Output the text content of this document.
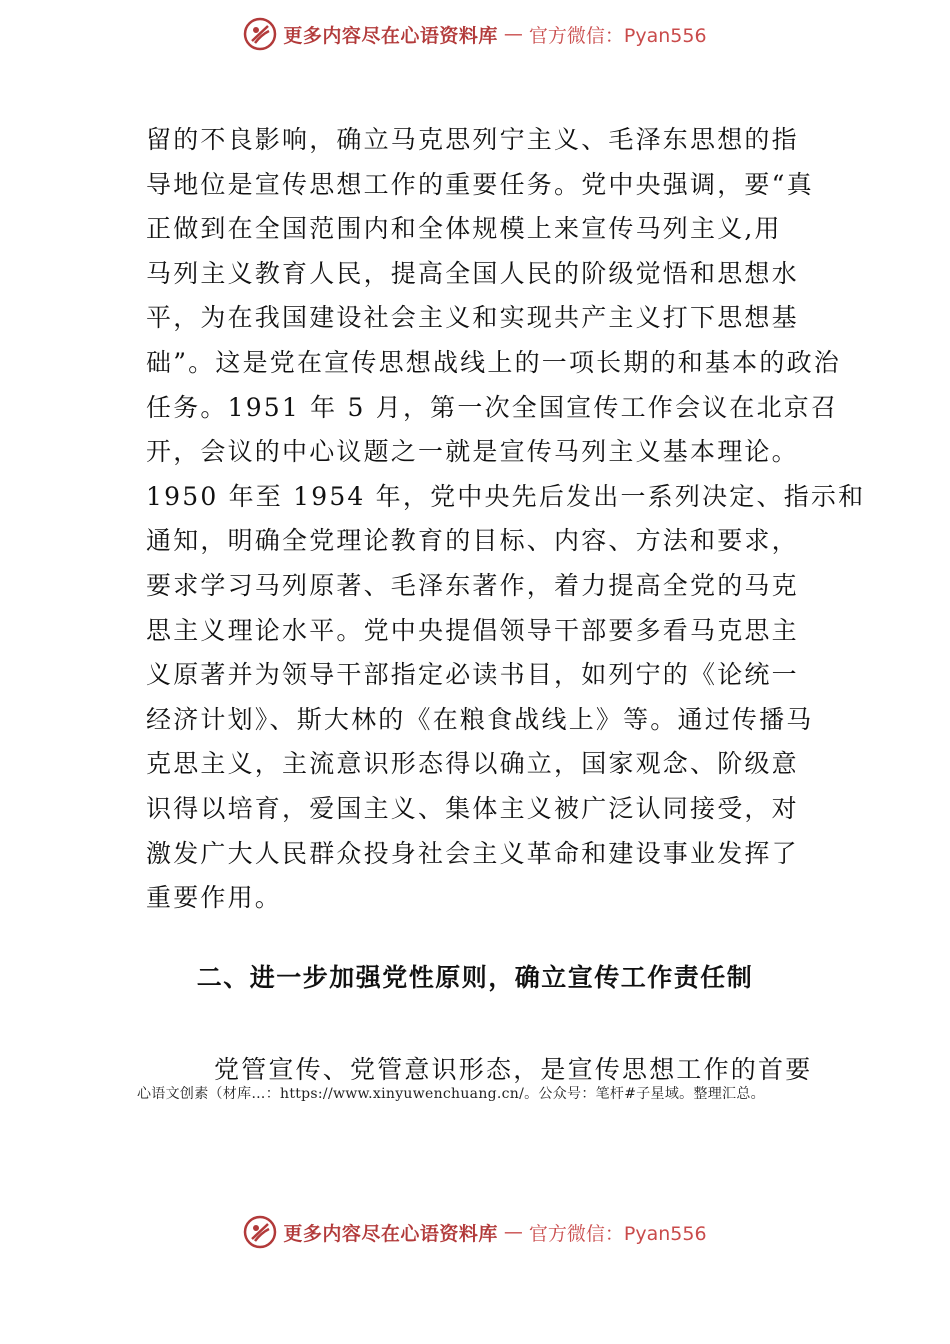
更多内容尽在心语资料库 — 官方微信：Pyan556
留的不良影响，确立马克思列宁主义、毛泽东思想的指
导地位是宣传思想工作的重要任务。党中央强调，要“真
正做到在全国范围内和全体规模上来宣传马列主义,用
马列主义教育人民，提高全国人民的阶级觉悟和思想水
平，为在我国建设社会主义和实现共产主义打下思想基
础”。这是党在宣传思想战线上的一项长期的和基本的政治
任务。1951 年 5 月，第一次全国宣传工作会议在北京召
开，会议的中心议题之一就是宣传马列主义基本理论。
1950 年至 1954 年，党中央先后发出一系列决定、指示和
通知，明确全党理论教育的目标、内容、方法和要求，
要求学习马列原著、毛泽东著作，着力提高全党的马克
思主义理论水平。党中央提倡领导干部要多看马克思主
义原著并为领导干部指定必读书目，如列宁的《论统一
经济计划》、斯大林的《在粮食战线上》等。通过传播马
克思主义，主流意识形态得以确立，国家观念、阶级意
识得以培育，爱国主义、集体主义被广泛认同接受，对
激发广大人民群众投身社会主义革命和建设事业发挥了
重要作用。
二、进一步加强党性原则，确立宣传工作责任制
党管宣传、党管意识形态，是宣传思想工作的首要
心语文创素（材库…：https://www.xinyuwenchuang.cn/。公众号：笔杆#子星域。整理汇总。
更多内容尽在心语资料库 — 官方微信：Pyan556
